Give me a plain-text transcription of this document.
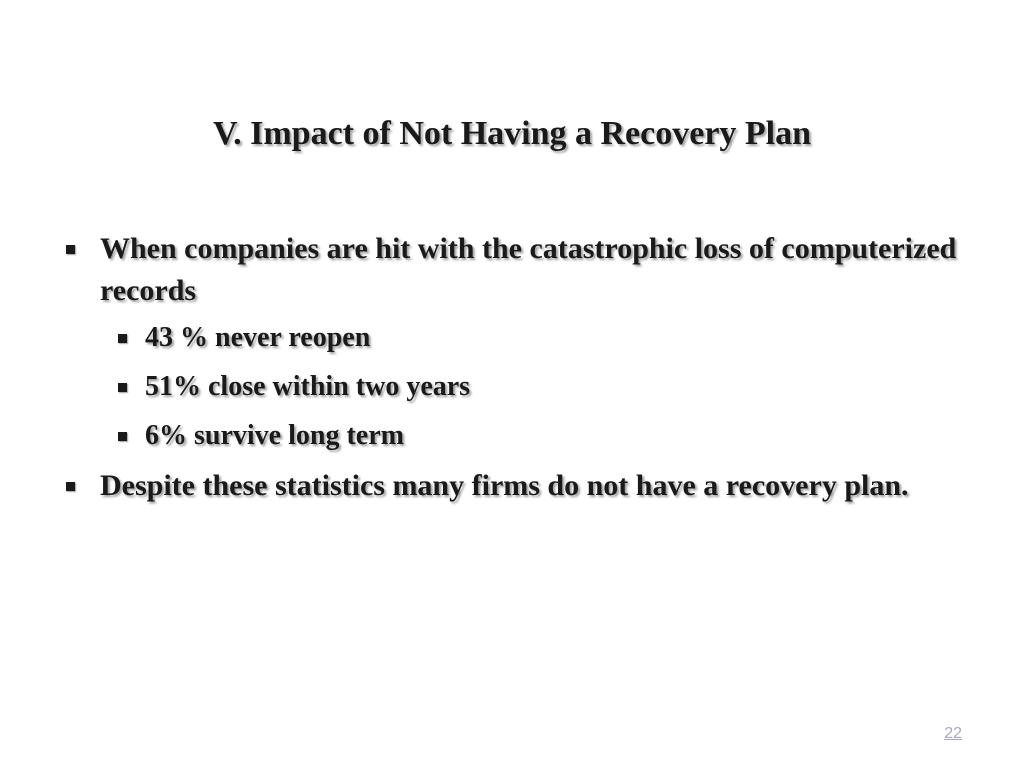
V. Impact of Not Having a Recovery Plan
When companies are hit with the catastrophic loss of computerized records
43 % never reopen
51% close within two years
6% survive long term
Despite these statistics many firms do not have a recovery plan.
22
